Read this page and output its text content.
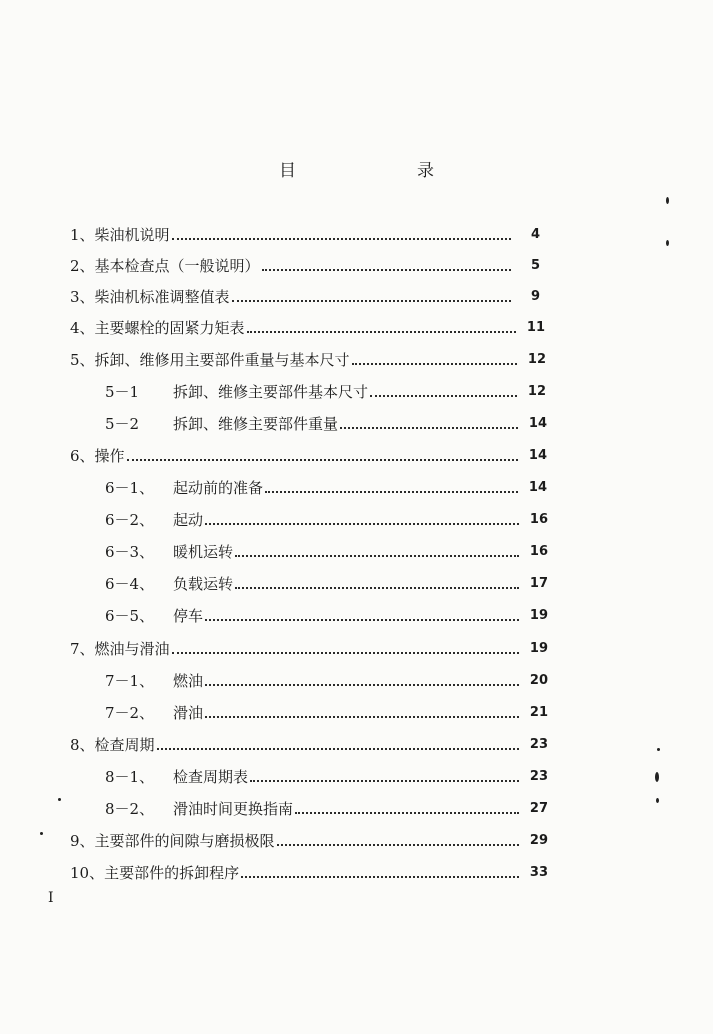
目　录
1、 柴油机说明	4
2、 基本检查点（一般说明）	5
3、 柴油机标准调整值表	9
4、 主要螺栓的固紧力矩表	11
5、 拆卸、维修用主要部件重量与基本尺寸	12
5－1	拆卸、维修主要部件基本尺寸	12
5－2	拆卸、维修主要部件重量	14
6、 操作	14
6－1、	起动前的准备	14
6－2、	起动	16
6－3、	暖机运转	16
6－4、	负载运转	17
6－5、	停车	19
7、 燃油与滑油	19
7－1、	燃油	20
7－2、	滑油	21
8、 检查周期	23
8－1、	检查周期表	23
8－2、	滑油时间更换指南	27
9、 主要部件的间隙与磨损极限	29
10、 主要部件的拆卸程序	33
I
